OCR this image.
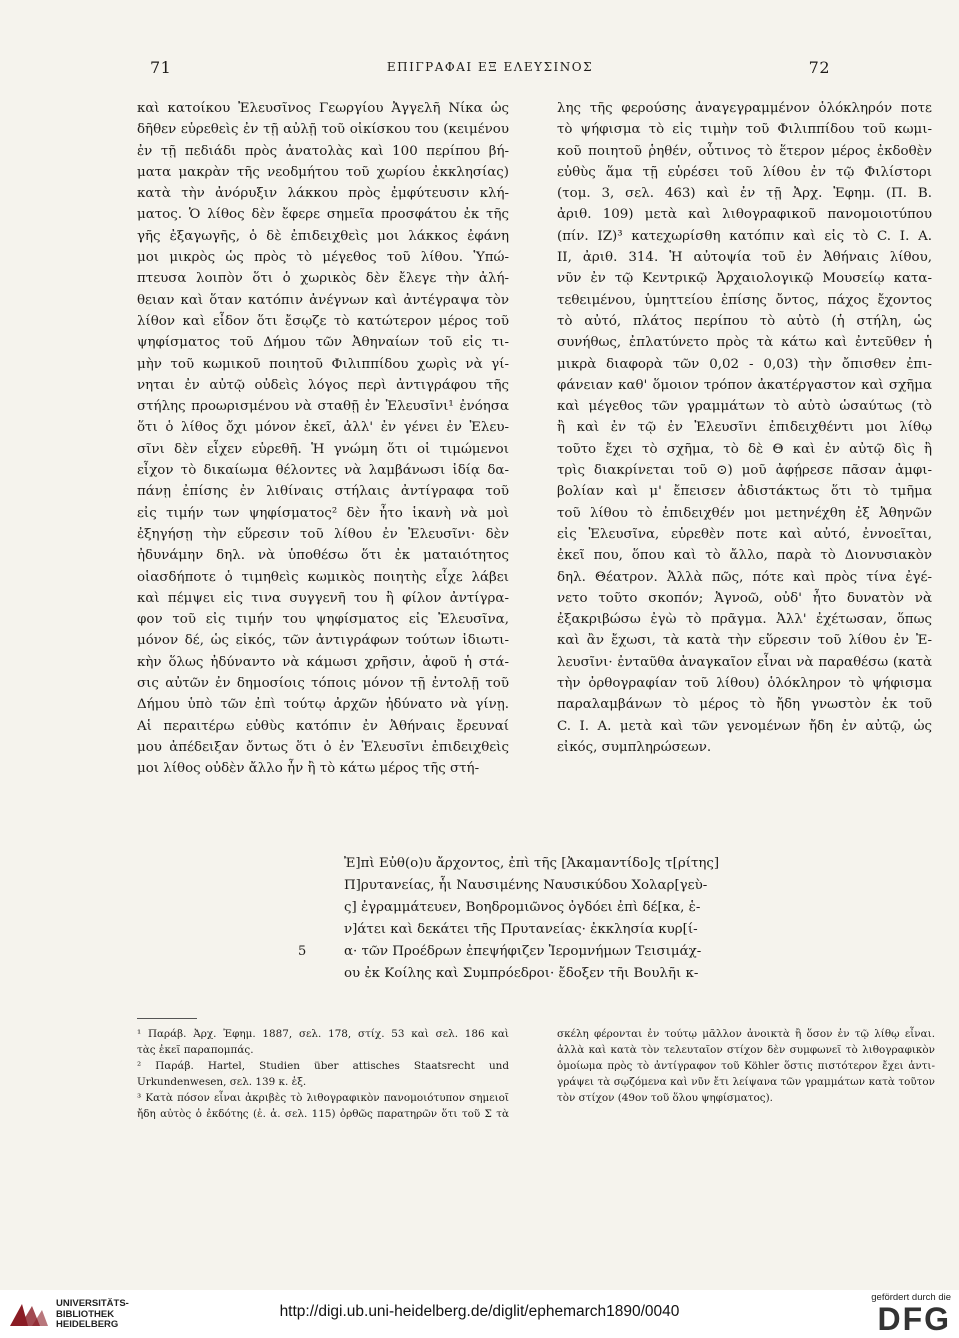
71	ΕΠΙΓΡΑΦΑΙ ΕΞ ΕΛΕΥΣΙΝΟΣ	72
καὶ κατοίκου Ἐλευσῖνος Γεωργίου Ἀγγελῆ Νίκα ὡς
δῆθεν εὑρεθεὶς ἐν τῇ αὐλῇ τοῦ οἰκίσκου του (κειμένου
ἐν τῇ πεδιάδι πρὸς ἀνατολὰς καὶ 100 περίπου βή-
ματα μακρὰν τῆς νεοδμήτου τοῦ χωρίου ἐκκλησίας)
κατὰ τὴν ἀνόρυξιν λάκκου πρὸς ἐμφύτευσιν κλή-
ματος. Ὁ λίθος δὲν ἔφερε σημεῖα προσφάτου ἐκ τῆς
γῆς ἐξαγωγῆς, ὁ δὲ ἐπιδειχθεὶς μοι λάκκος ἐφάνη
μοι μικρὸς ὡς πρὸς τὸ μέγεθος τοῦ λίθου. Ὑπώ-
πτευσα λοιπὸν ὅτι ὁ χωρικὸς δὲν ἔλεγε τὴν ἀλή-
θειαν καὶ ὅταν κατόπιν ἀνέγνων καὶ ἀντέγραψα τὸν
λίθον καὶ εἶδον ὅτι ἔσῳζε τὸ κατώτερον μέρος τοῦ
ψηφίσματος τοῦ Δήμου τῶν Ἀθηναίων τοῦ εἰς τι-
μὴν τοῦ κωμικοῦ ποιητοῦ Φιλιππίδου χωρὶς νὰ γί-
νηται ἐν αὐτῷ οὐδεὶς λόγος περὶ ἀντιγράφου τῆς
στήλης προωρισμένου νὰ σταθῇ ἐν Ἐλευσῖνι¹ ἐνόησα
ὅτι ὁ λίθος ὄχι μόνον ἐκεῖ, ἀλλ' ἐν γένει ἐν Ἐλευ-
σῖνι δὲν εἶχεν εὑρεθῆ. Ἡ γνώμη ὅτι οἱ τιμώμενοι
εἶχον τὸ δικαίωμα θέλοντες νὰ λαμβάνωσι ἰδίᾳ δα-
πάνῃ ἐπίσης ἐν λιθίναις στήλαις ἀντίγραφα τοῦ
εἰς τιμήν των ψηφίσματος² δὲν ἦτο ἱκανὴ νὰ μοὶ
ἐξηγήσῃ τὴν εὕρεσιν τοῦ λίθου ἐν Ἐλευσῖνι· δὲν
ἠδυνάμην δηλ. νὰ ὑποθέσω ὅτι ἐκ ματαιότητος
οἱασδήποτε ὁ τιμηθεὶς κωμικὸς ποιητὴς εἶχε λάβει
καὶ πέμψει εἰς τινα συγγενῆ του ἢ φίλον ἀντίγρα-
φον τοῦ εἰς τιμήν του ψηφίσματος εἰς Ἐλευσῖνα,
μόνον δέ, ὡς εἰκός, τῶν ἀντιγράφων τούτων ἰδιωτι-
κὴν ὅλως ἠδύναντο νὰ κάμωσι χρῆσιν, ἀφοῦ ἡ στά-
σις αὐτῶν ἐν δημοσίοις τόποις μόνον τῇ ἐντολῇ τοῦ
Δήμου ὑπὸ τῶν ἐπὶ τούτῳ ἀρχῶν ἠδύνατο νὰ γίνῃ.
Αἱ περαιτέρω εὐθὺς κατόπιν ἐν Ἀθήναις ἔρευναί
μου ἀπέδειξαν ὄντως ὅτι ὁ ἐν Ἐλευσῖνι ἐπιδειχθεὶς
μοι λίθος οὐδὲν ἄλλο ἦν ἢ τὸ κάτω μέρος τῆς στή-
λης τῆς φερούσης ἀναγεγραμμένον ὁλόκληρόν ποτε
τὸ ψήφισμα τὸ εἰς τιμὴν τοῦ Φιλιππίδου τοῦ κωμι-
κοῦ ποιητοῦ ῥηθέν, οὗτινος τὸ ἕτερον μέρος ἐκδοθὲν
εὐθὺς ἅμα τῇ εὑρέσει τοῦ λίθου ἐν τῷ Φιλίστορι
(τομ. 3, σελ. 463) καὶ ἐν τῇ Ἀρχ. Ἐφημ. (Π. Β.
ἀριθ. 109) μετὰ καὶ λιθογραφικοῦ πανομοιοτύπου
(πίν. ΙΖ)³ κατεχωρίσθη κατόπιν καὶ εἰς τὸ C. I. A.
II, ἀριθ. 314. Ἡ αὐτοψία τοῦ ἐν Ἀθήναις λίθου,
νῦν ἐν τῷ Κεντρικῷ Ἀρχαιολογικῷ Μουσείῳ κατα-
τεθειμένου, ὑμηττείου ἐπίσης ὄντος, πάχος ἔχοντος
τὸ αὐτό, πλάτος περίπου τὸ αὐτὸ (ἡ στήλη, ὡς
συνήθως, ἐπλατύνετο πρὸς τὰ κάτω καὶ ἐντεῦθεν ἡ
μικρὰ διαφορὰ τῶν 0,02 - 0,03) τὴν ὄπισθεν ἐπι-
φάνειαν καθ' ὅμοιον τρόπον ἀκατέργαστον καὶ σχῆμα
καὶ μέγεθος τῶν γραμμάτων τὸ αὐτὸ ὡσαύτως (τὸ
ἢ καὶ ἐν τῷ ἐν Ἐλευσῖνι ἐπιδειχθέντι μοι λίθῳ
τοῦτο ἔχει τὸ σχῆμα, τὸ δὲ Θ καὶ ἐν αὐτῷ δὶς ἢ
τρὶς διακρίνεται τοῦ ⊙) μοῦ ἀφῄρεσε πᾶσαν ἀμφι-
βολίαν καὶ μ' ἔπεισεν ἀδιστάκτως ὅτι τὸ τμῆμα
τοῦ λίθου τὸ ἐπιδειχθέν μοι μετηνέχθη ἐξ Ἀθηνῶν
εἰς Ἐλευσῖνα, εὑρεθὲν ποτε καὶ αὐτό, ἐννοεῖται,
ἐκεῖ που, ὅπου καὶ τὸ ἄλλο, παρὰ τὸ Διονυσιακὸν
δηλ. Θέατρον. Ἀλλὰ πῶς, πότε καὶ πρὸς τίνα ἐγέ-
νετο τοῦτο σκοπόν; Ἀγνοῶ, οὐδ' ἦτο δυνατὸν νὰ
ἐξακριβώσω ἐγὼ τὸ πρᾶγμα. Ἀλλ' ἐχέτωσαν, ὅπως
καὶ ἂν ἔχωσι, τὰ κατὰ τὴν εὕρεσιν τοῦ λίθου ἐν Ἐ-
λευσῖνι· ἐνταῦθα ἀναγκαῖον εἶναι νὰ παραθέσω (κατὰ
τὴν ὀρθογραφίαν τοῦ λίθου) ὁλόκληρον τὸ ψήφισμα
παραλαμβάνων τὸ μέρος τὸ ἤδη γνωστὸν ἐκ τοῦ
C. I. A. μετὰ καὶ τῶν γενομένων ἤδη ἐν αὐτῷ, ὡς
εἰκός, συμπληρώσεων.
Ἐ]πὶ Εὐθ(ο)υ ἄρχοντος, ἐπὶ τῆς [Ἀκαμαντίδο]ς τ[ρίτης]
Π]ρυτανείας, ἧι Ναυσιμένης Ναυσικύδου Χολαρ[γεὺ-
ς] ἐγραμμάτευεν, Βοηδρομιῶνος ὀγδόει ἐπὶ δέ[κα, ἑ-
ν]άτει καὶ δεκάτει τῆς Πρυτανείας· ἐκκλησία κυρ[ί-
5	α· τῶν Προέδρων ἐπεψήφιζεν Ἱερομνήμων Τεισιμάχ-
ου ἐκ Κοίλης καὶ Συμπρόεδροι· ἔδοξεν τῆι Βουλῆι κ-
¹ Παράβ. Ἀρχ. Ἐφημ. 1887, σελ. 178, στίχ. 53 καὶ σελ. 186 καὶ
τὰς ἐκεῖ παραπομπάς.
² Παράβ. Hartel, Studien über attisches Staatsrecht und
Urkundenwesen, σελ. 139 κ. ἑξ.
³ Κατὰ πόσον εἶναι ἀκριβὲς τὸ λιθογραφικὸν πανομοιότυπον σημειοῖ
ἤδη αὐτὸς ὁ ἐκδότης (ἐ. ἀ. σελ. 115) ὀρθῶς παρατηρῶν ὅτι τοῦ Σ τὰ
σκέλη φέρονται ἐν τούτῳ μᾶλλον ἀνοικτὰ ἢ ὅσον ἐν τῷ λίθῳ εἶναι.
ἀλλὰ καὶ κατὰ τὸν τελευταῖον στίχον δὲν συμφωνεῖ τὸ λιθογραφικὸν
ὁμοίωμα πρὸς τὸ ἀντίγραφον τοῦ Köhler ὅστις πιστότερον ἔχει ἀντι-
γράψει τὰ σῳζόμενα καὶ νῦν ἔτι λείψανα τῶν γραμμάτων κατὰ τοῦτον
τὸν στίχον (49ον τοῦ ὅλου ψηφίσματος).
UNIVERSITÄTS-
BIBLIOTHEK
HEIDELBERG
http://digi.ub.uni-heidelberg.de/diglit/ephemarch1890/0040
gefördert durch die
DFG
